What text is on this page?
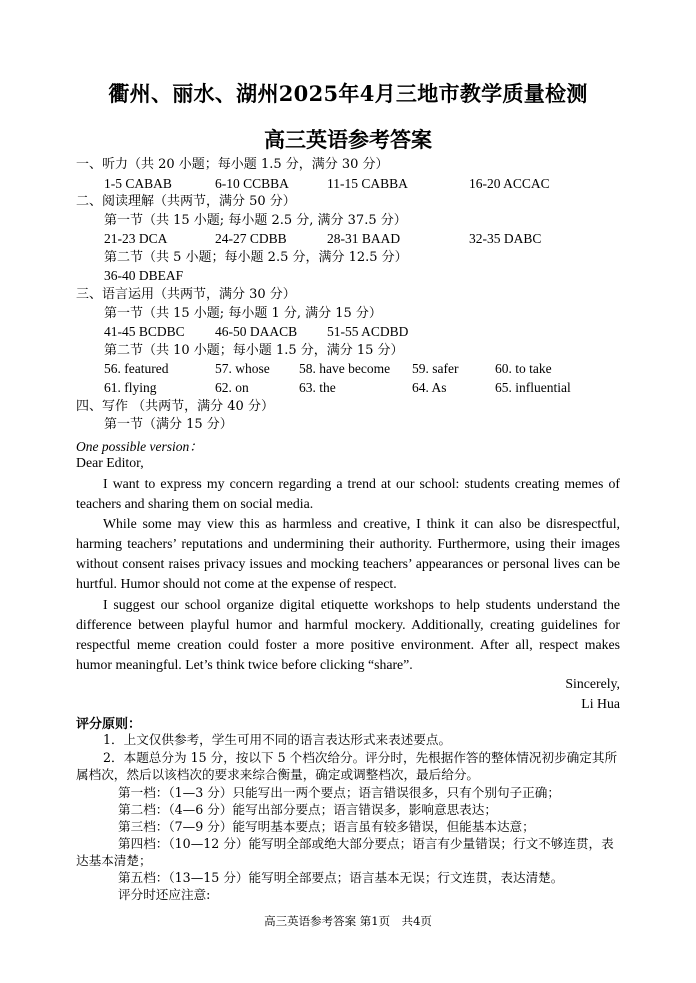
衢州、丽水、湖州2025年4月三地市教学质量检测
高三英语参考答案
一、听力（共 20 小题；每小题 1.5 分，满分 30 分）
1-5 CABAB	6-10 CCBBA	11-15 CABBA	16-20 ACCAC
二、阅读理解（共两节，满分 50 分）
第一节（共 15 小题; 每小题 2.5 分, 满分 37.5 分）
21-23 DCA	24-27 CDBB	28-31 BAAD	32-35 DABC
第二节（共 5 小题；每小题 2.5 分，满分 12.5 分）
36-40 DBEAF
三、语言运用（共两节，满分 30 分）
第一节（共 15 小题; 每小题 1 分, 满分 15 分）
41-45 BCDBC 46-50 DAACB 51-55 ACDBD
第二节（共 10 小题；每小题 1.5 分，满分 15 分）
56. featured	57. whose 58. have become 59. safer	60. to take
61. flying	62. on	63. the	64. As	65. influential
四、写作 （共两节，满分 40 分）
第一节（满分 15 分）
One possible version：
Dear Editor,
I want to express my concern regarding a trend at our school: students creating memes of teachers and sharing them on social media.
While some may view this as harmless and creative, I think it can also be disrespectful, harming teachers’ reputations and undermining their authority. Furthermore, using their images without consent raises privacy issues and mocking teachers’ appearances or personal lives can be hurtful. Humor should not come at the expense of respect.
I suggest our school organize digital etiquette workshops to help students understand the difference between playful humor and harmful mockery. Additionally, creating guidelines for respectful meme creation could foster a more positive environment. After all, respect makes humor meaningful. Let’s think twice before clicking “share”.
Sincerely,
Li Hua
评分原则：
1．上文仅供参考，学生可用不同的语言表达形式来表述要点。
2．本题总分为 15 分，按以下 5 个档次给分。评分时，先根据作答的整体情况初步确定其所属档次，然后以该档次的要求来综合衡量，确定或调整档次，最后给分。
第一档：（1—3 分）只能写出一两个要点；语言错误很多，只有个别句子正确；
第二档：（4—6 分）能写出部分要点；语言错误多，影响意思表达；
第三档：（7—9 分）能写明基本要点；语言虽有较多错误，但能基本达意；
第四档：（10—12 分）能写明全部或绝大部分要点；语言有少量错误；行文不够连贯，表达基本清楚；
第五档：（13—15 分）能写明全部要点；语言基本无误；行文连贯，表达清楚。
评分时还应注意:
高三英语参考答案 第1页　共4页
